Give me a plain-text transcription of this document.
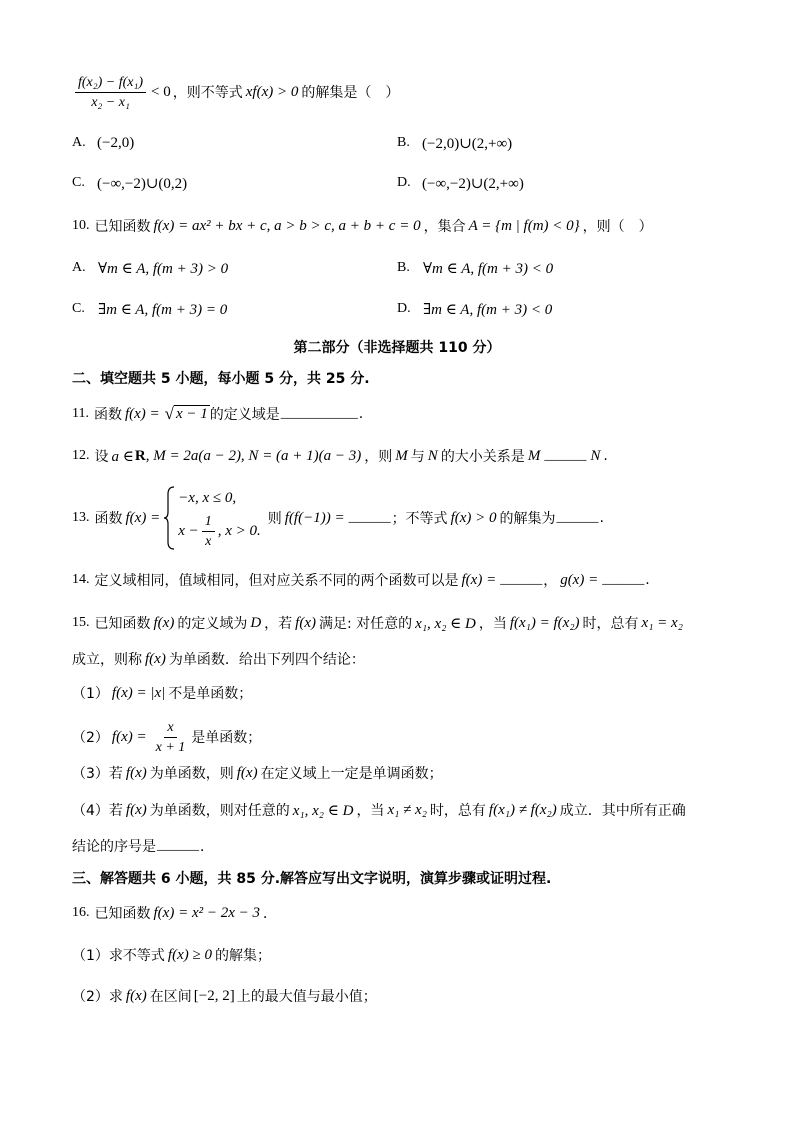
$\frac{\text{f(x₂) − f(x₁)}}{\text{x₂ − x₁}} < 0$ ，则不等式 xf(x) > 0 的解集是（　）
A. (−2,0)	B. (−2,0)∪(2,+∞)
C. (−∞,−2)∪(0,2)	D. (−∞,−2)∪(2,+∞)
10. 已知函数 f(x) = ax² + bx + c, a > b > c, a + b + c = 0 ，集合 A = {m | f(m) < 0} ，则（　）
A. ∀m ∈ A, f(m + 3) > 0	B. ∀m ∈ A, f(m + 3) < 0
C. ∃m ∈ A, f(m + 3) = 0	D. ∃m ∈ A, f(m + 3) < 0
第二部分（非选择题共 110 分）
二、填空题共 5 小题，每小题 5 分，共 25 分.
11. 函数 f(x) = √ x − 1 的定义域是 ___________ .
12. 设 a ∈ R , M = 2a(a − 2), N = (a + 1)(a − 3) ，则 M 与 N 的大小关系是 M ______ N .
13. 函数 f(x) =
−x, x ≤ 0,
$x - \frac{1}{x}$ , x > 0.
则 f(f(−1)) = ______ ；不等式 f(x) > 0 的解集为 ______ .
14. 定义域相同，值域相同，但对应关系不同的两个函数可以是 f(x) = ______ ， g(x) = ______ .
15. 已知函数 f(x) 的定义域为 D ，若 f(x) 满足: 对任意的 x₁, x₂ ∈ D ，当 f(x₁) = f(x₂) 时，总有 x₁ = x₂
成立，则称 f(x) 为单函数．给出下列四个结论：
（1） f(x) = |x| 不是单函数；
（2） $f(x) = \frac{x}{x + 1}$ 是单函数；
（3） 若 f(x) 为单函数，则 f(x) 在定义域上一定是单调函数；
（4） 若 f(x) 为单函数，则对任意的 x₁, x₂ ∈ D ，当 x₁ ≠ x₂ 时，总有 f(x₁) ≠ f(x₂) 成立．其中所有正确
结论的序号是 ______ ．
三、解答题共 6 小题，共 85 分.解答应写出文字说明，演算步骤或证明过程.
16. 已知函数 f(x) = x² − 2x − 3 ．
（1） 求不等式 f(x) ≥ 0 的解集；
（2） 求 f(x) 在区间 [−2, 2] 上的最大值与最小值；
